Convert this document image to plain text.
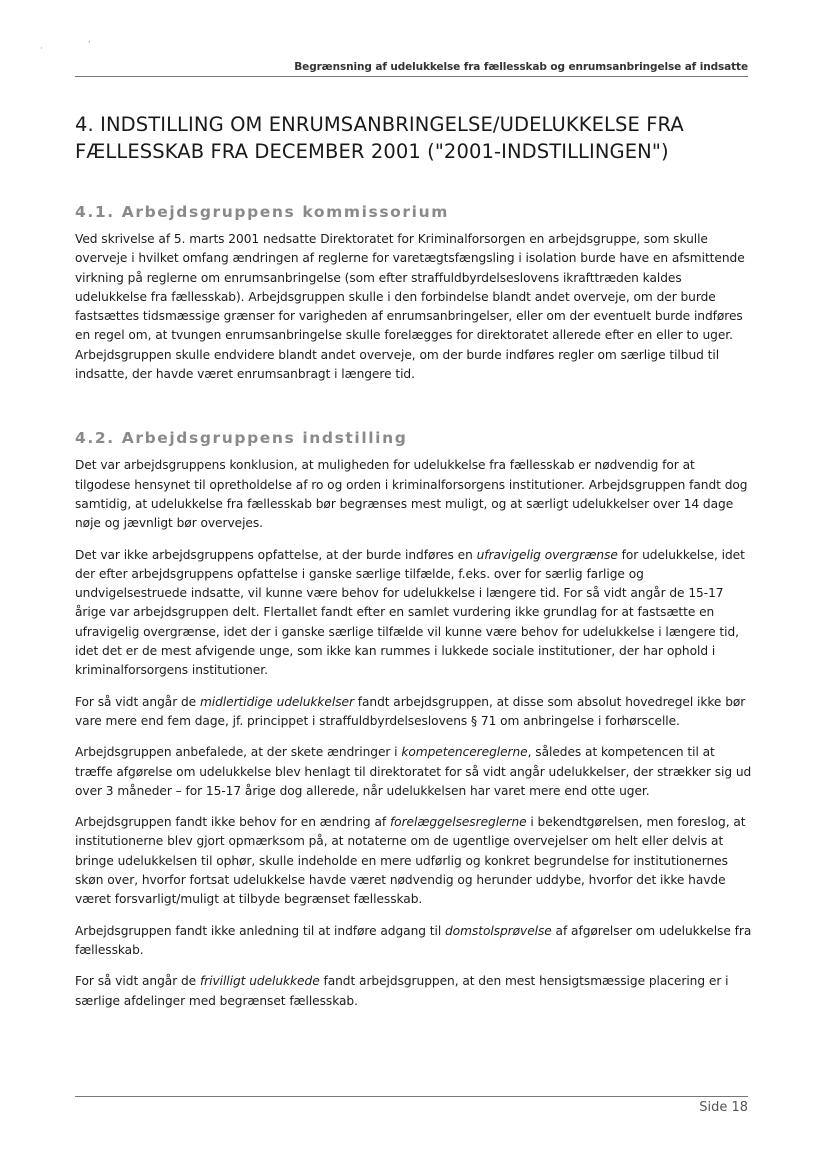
·	‘
Begrænsning af udelukkelse fra fællesskab og enrumsanbringelse af indsatte
4. INDSTILLING OM ENRUMSANBRINGELSE/UDELUKKELSE FRA FÆLLESSKAB FRA DECEMBER 2001 ("2001-INDSTILLINGEN")
4.1. Arbejdsgruppens kommissorium

Ved skrivelse af 5. marts 2001 nedsatte Direktoratet for Kriminalforsorgen en arbejdsgruppe, som skulle overveje i hvilket omfang ændringen af reglerne for varetægtsfængsling i isolation burde have en afsmittende virkning på reglerne om enrumsanbringelse (som efter straffuldbyrdelseslovens ikrafttræden kaldes udelukkelse fra fællesskab). Arbejdsgruppen skulle i den forbindelse blandt andet overveje, om der burde fastsættes tidsmæssige grænser for varigheden af enrumsanbringelser, eller om der eventuelt burde indføres en regel om, at tvungen enrumsanbringelse skulle forelægges for direktoratet allerede efter en eller to uger. Arbejdsgruppen skulle endvidere blandt andet overveje, om der burde indføres regler om særlige tilbud til indsatte, der havde været enrumsanbragt i længere tid.

4.2. Arbejdsgruppens indstilling

Det var arbejdsgruppens konklusion, at muligheden for udelukkelse fra fællesskab er nødvendig for at tilgodese hensynet til opretholdelse af ro og orden i kriminalforsorgens institutioner. Arbejdsgruppen fandt dog samtidig, at udelukkelse fra fællesskab bør begrænses mest muligt, og at særligt udelukkelser over 14 dage nøje og jævnligt bør overvejes.

Det var ikke arbejdsgruppens opfattelse, at der burde indføres en ufravigelig overgrænse for udelukkelse, idet der efter arbejdsgruppens opfattelse i ganske særlige tilfælde, f.eks. over for særlig farlige og undvigelsestruede indsatte, vil kunne være behov for udelukkelse i længere tid. For så vidt angår de 15-17 årige var arbejdsgruppen delt. Flertallet fandt efter en samlet vurdering ikke grundlag for at fastsætte en ufravigelig overgrænse, idet der i ganske særlige tilfælde vil kunne være behov for udelukkelse i længere tid, idet det er de mest afvigende unge, som ikke kan rummes i lukkede sociale institutioner, der har ophold i kriminalforsorgens institutioner.

For så vidt angår de midlertidige udelukkelser fandt arbejdsgruppen, at disse som absolut hovedregel ikke bør vare mere end fem dage, jf. princippet i straffuldbyrdelseslovens § 71 om anbringelse i forhørscelle.

Arbejdsgruppen anbefalede, at der skete ændringer i kompetencereglerne, således at kompetencen til at træffe afgørelse om udelukkelse blev henlagt til direktoratet for så vidt angår udelukkelser, der strækker sig ud over 3 måneder – for 15-17 årige dog allerede, når udelukkelsen har varet mere end otte uger.

Arbejdsgruppen fandt ikke behov for en ændring af forelæggelsesreglerne i bekendtgørelsen, men foreslog, at institutionerne blev gjort opmærksom på, at notaterne om de ugentlige overvejelser om helt eller delvis at bringe udelukkelsen til ophør, skulle indeholde en mere udførlig og konkret begrundelse for institutionernes skøn over, hvorfor fortsat udelukkelse havde været nødvendig og herunder uddybe, hvorfor det ikke havde været forsvarligt/muligt at tilbyde begrænset fællesskab.

Arbejdsgruppen fandt ikke anledning til at indføre adgang til domstolsprøvelse af afgørelser om udelukkelse fra fællesskab.

For så vidt angår de frivilligt udelukkede fandt arbejdsgruppen, at den mest hensigtsmæssige placering er i særlige afdelinger med begrænset fællesskab.

Side 18
